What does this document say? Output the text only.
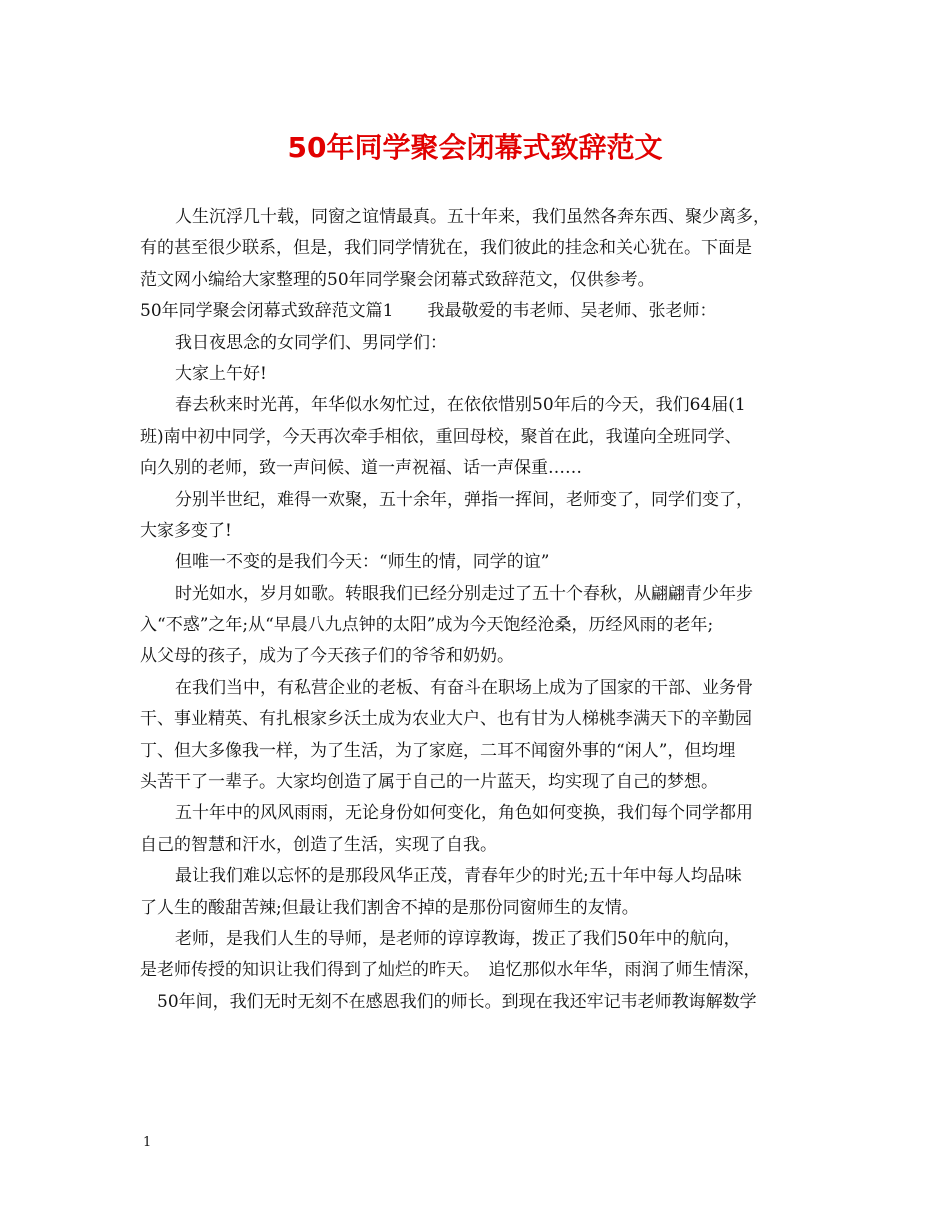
50年同学聚会闭幕式致辞范文
人生沉浮几十载，同窗之谊情最真。五十年来，我们虽然各奔东西、聚少离多，
有的甚至很少联系，但是，我们同学情犹在，我们彼此的挂念和关心犹在。下面是
范文网小编给大家整理的50年同学聚会闭幕式致辞范文，仅供参考。
50年同学聚会闭幕式致辞范文篇1　　我最敬爱的韦老师、吴老师、张老师：
我日夜思念的女同学们、男同学们：
大家上午好!
春去秋来时光苒，年华似水匆忙过，在依依惜别50年后的今天，我们64届(1
班)南中初中同学，今天再次牵手相依，重回母校，聚首在此，我谨向全班同学、
向久别的老师，致一声问候、道一声祝福、话一声保重……
分别半世纪，难得一欢聚，五十余年，弹指一挥间，老师变了，同学们变了，
大家多变了!
但唯一不变的是我们今天：“师生的情，同学的谊”
时光如水，岁月如歌。转眼我们已经分别走过了五十个春秋，从翩翩青少年步
入“不惑”之年;从“早晨八九点钟的太阳”成为今天饱经沧桑，历经风雨的老年;
从父母的孩子，成为了今天孩子们的爷爷和奶奶。
在我们当中，有私营企业的老板、有奋斗在职场上成为了国家的干部、业务骨
干、事业精英、有扎根家乡沃土成为农业大户、也有甘为人梯桃李满天下的辛勤园
丁、但大多像我一样，为了生活，为了家庭，二耳不闻窗外事的“闲人”，但均埋
头苦干了一辈子。大家均创造了属于自己的一片蓝天，均实现了自己的梦想。
五十年中的风风雨雨，无论身份如何变化，角色如何变换，我们每个同学都用
自己的智慧和汗水，创造了生活，实现了自我。
最让我们难以忘怀的是那段风华正茂，青春年少的时光;五十年中每人均品味
了人生的酸甜苦辣;但最让我们割舍不掉的是那份同窗师生的友情。
老师，是我们人生的导师，是老师的谆谆教诲，拨正了我们50年中的航向，
是老师传授的知识让我们得到了灿烂的昨天。　追忆那似水年华，雨润了师生情深，
　50年间，我们无时无刻不在感恩我们的师长。到现在我还牢记韦老师教诲解数学
1
